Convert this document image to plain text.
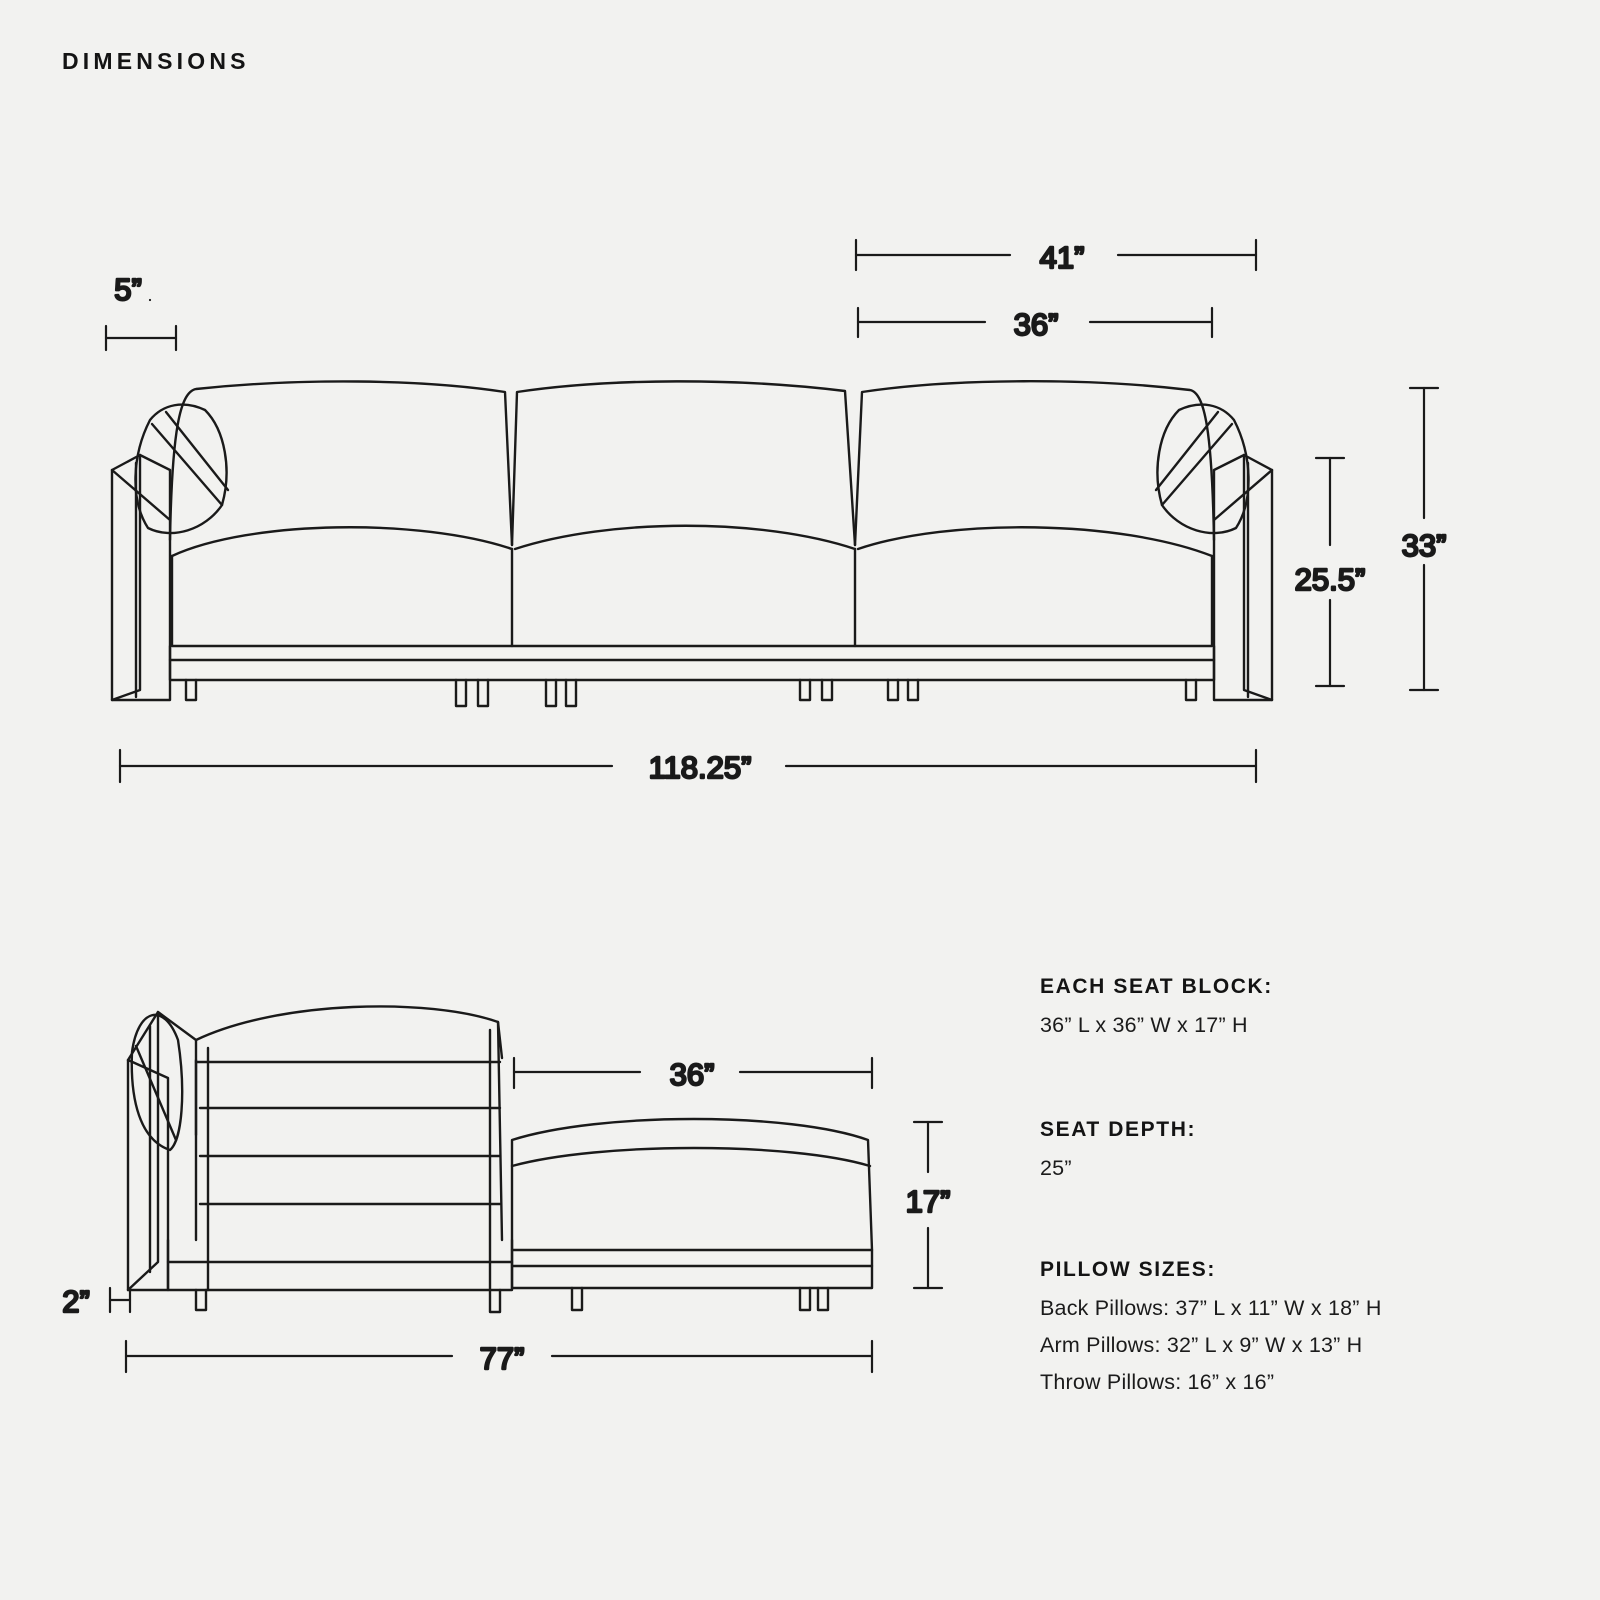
DIMENSIONS
5”
41”
36”
25.5”
33”
118.25”
36”
17”
2”
77”

EACH SEAT BLOCK:

36” L x 36” W x 17” H

SEAT DEPTH:

25”

PILLOW SIZES:

Back Pillows: 37” L x 11” W x 18” H

Arm Pillows: 32” L x 9” W x 13” H

Throw Pillows: 16” x 16”
